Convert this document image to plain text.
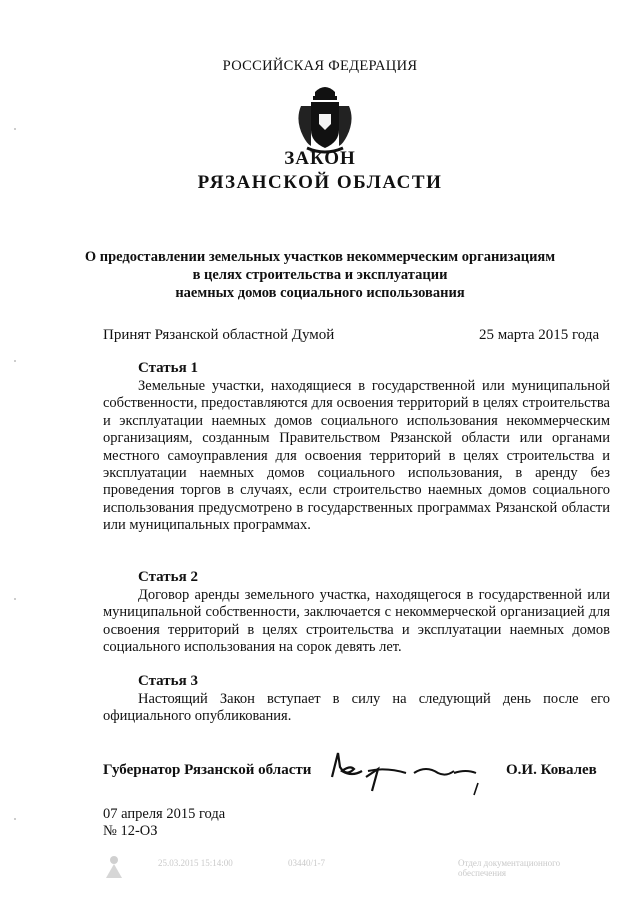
РОССИЙСКАЯ ФЕДЕРАЦИЯ
ЗАКОН
РЯЗАНСКОЙ ОБЛАСТИ
О предоставлении земельных участков некоммерческим организациям
в целях строительства и эксплуатации
наемных домов социального использования
Принят Рязанской областной Думой	25 марта 2015 года
Статья 1
Земельные участки, находящиеся в государственной или муниципальной собственности, предоставляются для освоения территорий в целях строительства и эксплуатации наемных домов социального использования некоммерческим организациям, созданным Правительством Рязанской области или органами местного самоуправления для освоения территорий в целях строительства и эксплуатации наемных домов социального использования, в аренду без проведения торгов в случаях, если строительство наемных домов социального использования предусмотрено в государственных программах Рязанской области или муниципальных программах.
Статья 2
Договор аренды земельного участка, находящегося в государственной или муниципальной собственности, заключается с некоммерческой организацией для освоения территорий в целях строительства и эксплуатации наемных домов социального использования на сорок девять лет.
Статья 3
Настоящий Закон вступает в силу на следующий день после его официального опубликования.
Губернатор Рязанской области	О.И. Ковалев
07 апреля 2015 года
№ 12-ОЗ
25.03.2015 15:14:00	03440/1-7	Отдел документационного обеспечения
